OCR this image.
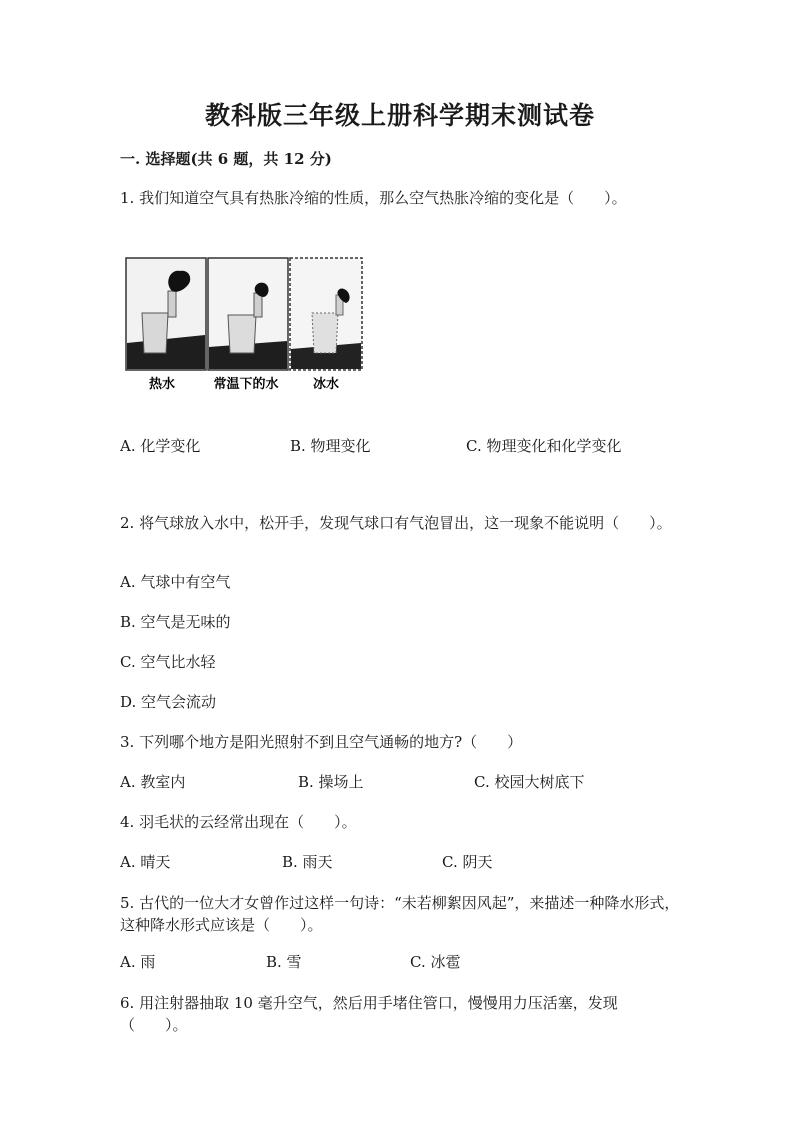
教科版三年级上册科学期末测试卷
一. 选择题(共 6 题，共 12 分)
1. 我们知道空气具有热胀冷缩的性质，那么空气热胀冷缩的变化是（　　）。
热水	常温下的水	冰水
A. 化学变化	B. 物理变化	C. 物理变化和化学变化
2. 将气球放入水中，松开手，发现气球口有气泡冒出，这一现象不能说明（　　）。
A. 气球中有空气
B. 空气是无味的
C. 空气比水轻
D. 空气会流动
3. 下列哪个地方是阳光照射不到且空气通畅的地方?（　　）
A. 教室内	B. 操场上	C. 校园大树底下
4. 羽毛状的云经常出现在（　　）。
A. 晴天	B. 雨天	C. 阴天
5. 古代的一位大才女曾作过这样一句诗：“未若柳絮因风起”，来描述一种降水形式，这种降水形式应该是（　　）。
A. 雨	B. 雪	C. 冰雹
6. 用注射器抽取 10 毫升空气，然后用手堵住管口，慢慢用力压活塞，发现（　　）。
